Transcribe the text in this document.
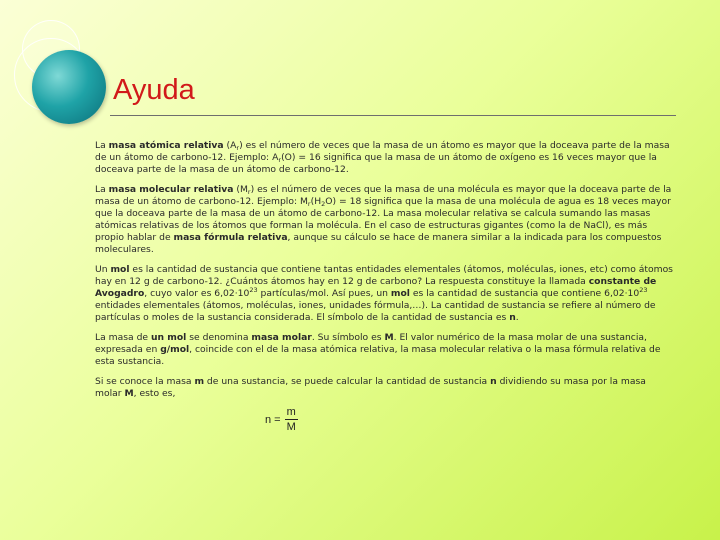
Ayuda

La masa atómica relativa $(A_r)$ es el número de veces que la masa de un átomo es mayor que la doceava parte de la masa de un átomo de carbono-12. Ejemplo: $A_r(O) = 16$ significa que la masa de un átomo de oxígeno es 16 veces mayor que la doceava parte de la masa de un átomo de carbono-12.

La masa molecular relativa $(M_r)$ es el número de veces que la masa de una molécula es mayor que la doceava parte de la masa de un átomo de carbono-12. Ejemplo: $M_r(H_2O) = 18$ significa que la masa de una molécula de agua es 18 veces mayor que la doceava parte de la masa de un átomo de carbono-12. La masa molecular relativa se calcula sumando las masas atómicas relativas de los átomos que forman la molécula. En el caso de estructuras gigantes (como la de NaCl), es más propio hablar de masa fórmula relativa, aunque su cálculo se hace de manera similar a la indicada para los compuestos moleculares.

Un mol es la cantidad de sustancia que contiene tantas entidades elementales (átomos, moléculas, iones, etc) como átomos hay en 12 g de carbono-12. ¿Cuántos átomos hay en 12 g de carbono? La respuesta constituye la llamada constante de Avogadro, cuyo valor es $6,02\cdot 10^{23}$ partículas/mol. Así pues, un mol es la cantidad de sustancia que contiene $6,02\cdot 10^{23}$ entidades elementales (átomos, moléculas, iones, unidades fórmula,…). La cantidad de sustancia se refiere al número de partículas o moles de la sustancia considerada. El símbolo de la cantidad de sustancia es n.

La masa de un mol se denomina masa molar. Su símbolo es M. El valor numérico de la masa molar de una sustancia, expresada en g/mol, coincide con el de la masa atómica relativa, la masa molecular relativa o la masa fórmula relativa de esta sustancia.

Si se conoce la masa m de una sustancia, se puede calcular la cantidad de sustancia n dividiendo su masa por la masa molar M, esto es,

$n = \frac{m}{M}$
